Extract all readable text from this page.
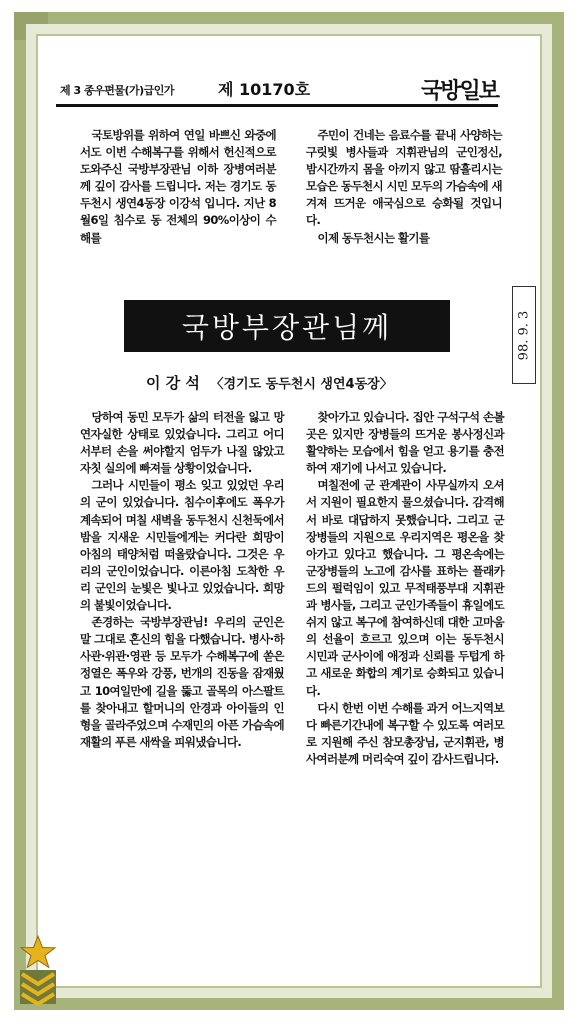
제 3 종우편물(가)급인가	제 10170호	국방일보

국토방위를 위하여 연일 바쁘신 와중에서도 이번 수해복구를 위해서 헌신적으로 도와주신 국방부장관님 이하 장병여러분께 깊이 감사를 드립니다. 저는 경기도 동두천시 생연4동장 이강석 입니다. 지난 8월6일 침수로 동 전체의 90%이상이 수해를

주민이 건네는 음료수를 끝내 사양하는 구릿빛 병사들과 지휘관님의 군인정신, 밤시간까지 몸을 아끼지 않고 땀흘리시는 모습은 동두천시 시민 모두의 가슴속에 새겨져 뜨거운 애국심으로 승화될 것입니다.

이제 동두천시는 활기를

국방부장관님께
이 강 석 〈경기도 동두천시 생연4동장〉
98. 9. 3

당하여 동민 모두가 삶의 터전을 잃고 망연자실한 상태로 있었습니다. 그리고 어디서부터 손을 써야할지 엄두가 나질 않았고 자칫 실의에 빠져들 상황이었습니다.

그러나 시민들이 평소 잊고 있었던 우리의 군이 있었습니다. 침수이후에도 폭우가 계속되어 며칠 새벽을 동두천시 신천둑에서 밤을 지새운 시민들에게는 커다란 희망이 아침의 태양처럼 떠올랐습니다. 그것은 우리의 군인이었습니다. 이른아침 도착한 우리 군인의 눈빛은 빛나고 있었습니다. 희망의 불빛이었습니다.

존경하는 국방부장관님! 우리의 군인은 말 그대로 혼신의 힘을 다했습니다. 병사·하사관·위관·영관 등 모두가 수해복구에 쏟은 정열은 폭우와 강풍, 번개의 진동을 잠재웠고 10여일만에 길을 뚫고 골목의 아스팔트를 찾아내고 할머니의 안경과 아이들의 인형을 골라주었으며 수재민의 아픈 가슴속에 재활의 푸른 새싹을 피워냈습니다.

찾아가고 있습니다. 집안 구석구석 손볼 곳은 있지만 장병들의 뜨거운 봉사정신과 활약하는 모습에서 힘을 얻고 용기를 충전하여 재기에 나서고 있습니다.

며칠전에 군 관계관이 사무실까지 오셔서 지원이 필요한지 물으셨습니다. 감격해서 바로 대답하지 못했습니다. 그리고 군장병들의 지원으로 우리지역은 평온을 찾아가고 있다고 했습니다. 그 평온속에는 군장병들의 노고에 감사를 표하는 플래카드의 펄럭임이 있고 무적태풍부대 지휘관과 병사들, 그리고 군인가족들이 휴일에도 쉬지 않고 복구에 참여하신데 대한 고마움의 선율이 흐르고 있으며 이는 동두천시 시민과 군사이에 애정과 신뢰를 두텁게 하고 새로운 화합의 계기로 승화되고 있습니다.

다시 한번 이번 수해를 과거 어느지역보다 빠른기간내에 복구할 수 있도록 여러모로 지원해 주신 참모총장님, 군지휘관, 병사여러분께 머리숙여 깊이 감사드립니다.
